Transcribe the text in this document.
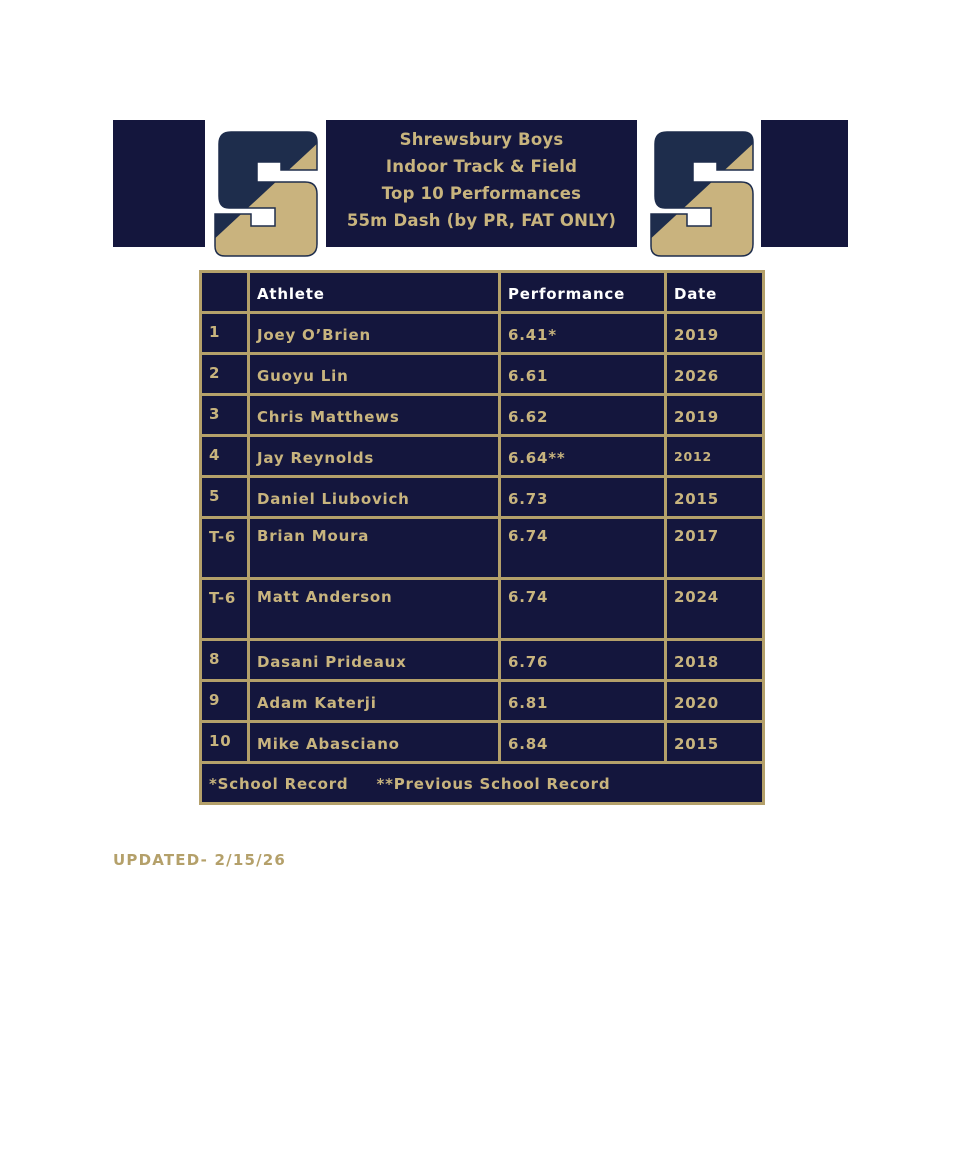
Shrewsbury Boys
Indoor Track & Field
Top 10 Performances
55m Dash (by PR, FAT ONLY)
	Athlete	Performance	Date
1	Joey O’Brien	6.41*	2019
2	Guoyu Lin	6.61	2026
3	Chris Matthews	6.62	2019
4	Jay Reynolds	6.64**	2012
5	Daniel Liubovich	6.73	2015
T-6	Brian Moura	6.74	2017
T-6	Matt Anderson	6.74	2024
8	Dasani Prideaux	6.76	2018
9	Adam Katerji	6.81	2020
10	Mike Abasciano	6.84	2015
*School Record **Previous School Record			
UPDATED- 2/15/26
